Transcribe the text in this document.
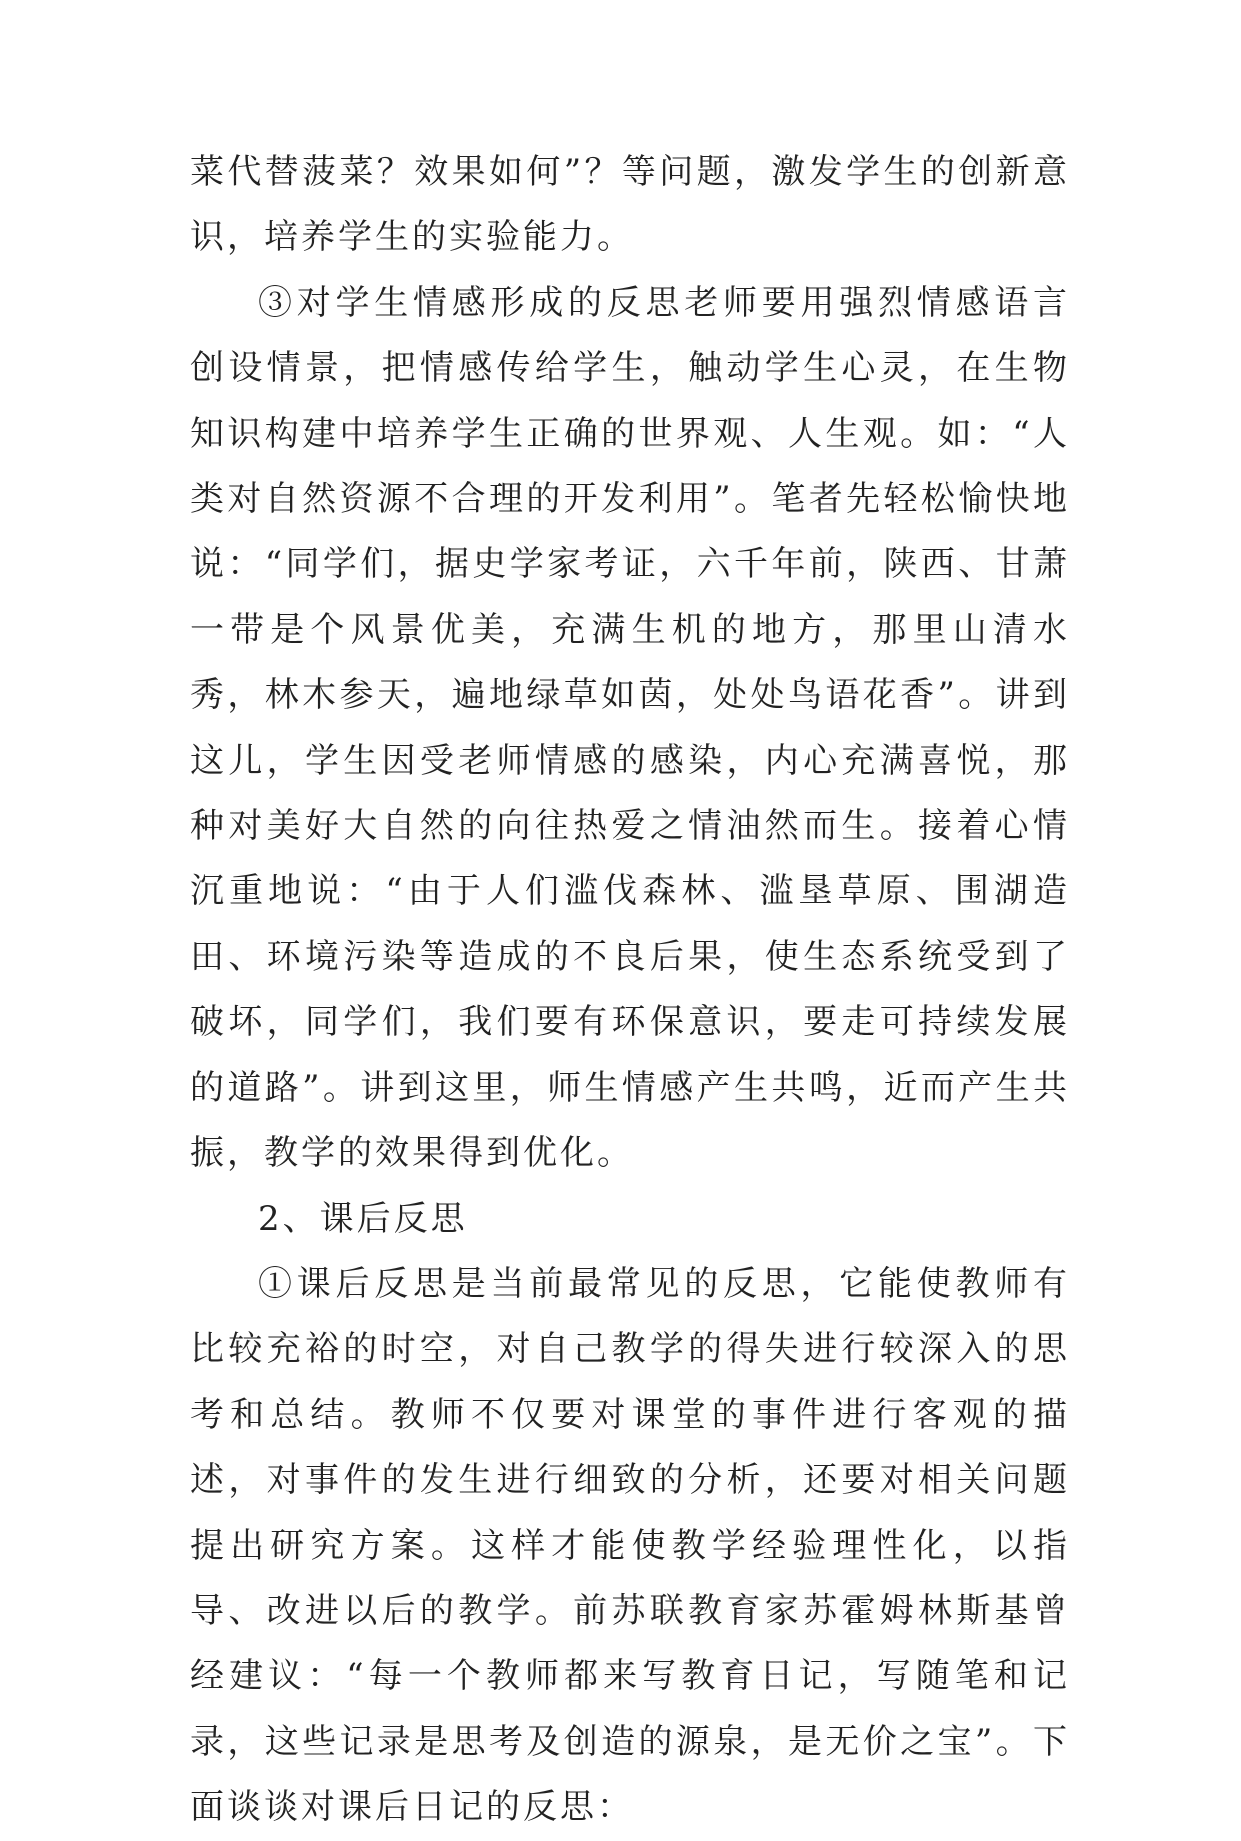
菜代替菠菜？效果如何”？等问题，激发学生的创新意识，培养学生的实验能力。

③对学生情感形成的反思老师要用强烈情感语言创设情景，把情感传给学生，触动学生心灵，在生物知识构建中培养学生正确的世界观、人生观。如：“人类对自然资源不合理的开发利用”。笔者先轻松愉快地说：“同学们，据史学家考证，六千年前，陕西、甘萧一带是个风景优美，充满生机的地方，那里山清水秀，林木参天，遍地绿草如茵，处处鸟语花香”。讲到这儿，学生因受老师情感的感染，内心充满喜悦，那种对美好大自然的向往热爱之情油然而生。接着心情沉重地说：“由于人们滥伐森林、滥垦草原、围湖造田、环境污染等造成的不良后果，使生态系统受到了破坏，同学们，我们要有环保意识，要走可持续发展的道路”。讲到这里，师生情感产生共鸣，近而产生共振，教学的效果得到优化。

2、课后反思

①课后反思是当前最常见的反思，它能使教师有比较充裕的时空，对自己教学的得失进行较深入的思考和总结。教师不仅要对课堂的事件进行客观的描述，对事件的发生进行细致的分析，还要对相关问题提出研究方案。这样才能使教学经验理性化，以指导、改进以后的教学。前苏联教育家苏霍姆林斯基曾经建议：“每一个教师都来写教育日记，写随笔和记录，这些记录是思考及创造的源泉，是无价之宝”。下面谈谈对课后日记的反思：
